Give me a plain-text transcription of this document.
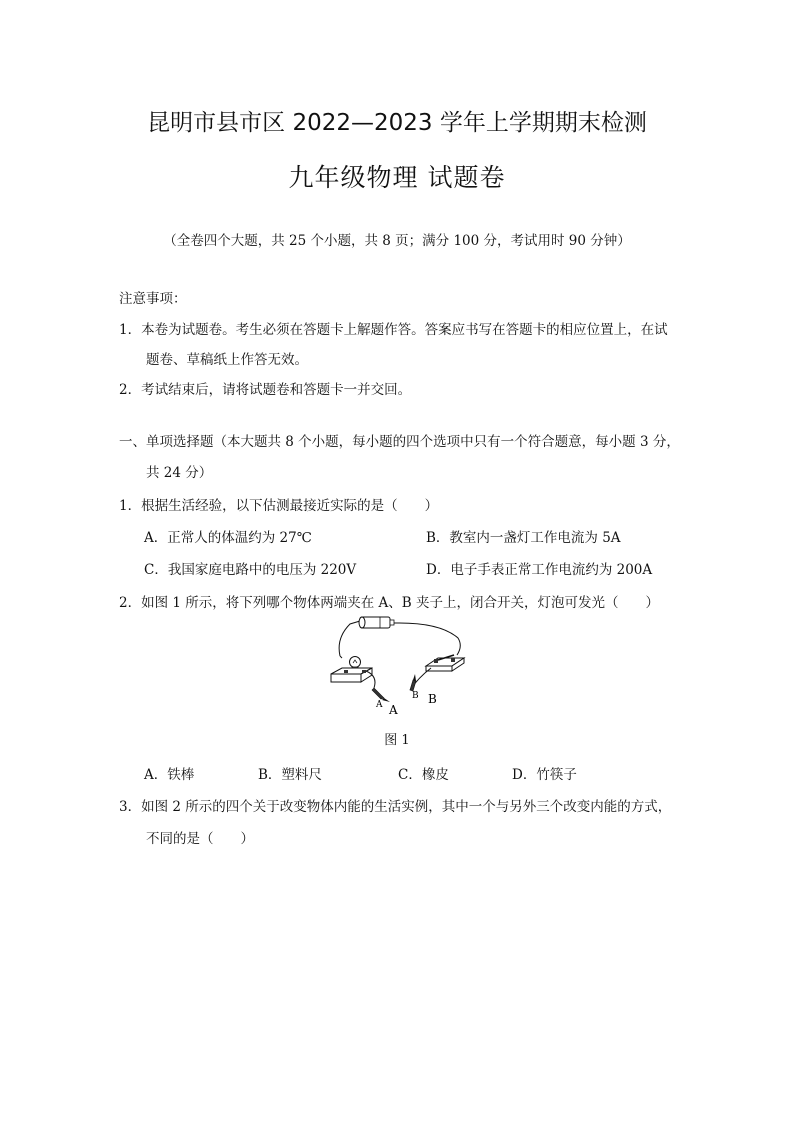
昆明市县市区 2022—2023 学年上学期期末检测
九年级物理 试题卷
（全卷四个大题，共 25 个小题，共 8 页；满分 100 分，考试用时 90 分钟）
注意事项：
1．本卷为试题卷。考生必须在答题卡上解题作答。答案应书写在答题卡的相应位置上，在试
题卷、草稿纸上作答无效。
2．考试结束后，请将试题卷和答题卡一并交回。
一、单项选择题（本大题共 8 个小题，每小题的四个选项中只有一个符合题意，每小题 3 分，
共 24 分）
1．根据生活经验，以下估测最接近实际的是（　　）
A．正常人的体温约为 27℃	B．教室内一盏灯工作电流为 5A
C．我国家庭电路中的电压为 220V	D．电子手表正常工作电流约为 200A
2．如图 1 所示，将下列哪个物体两端夹在 A、B 夹子上，闭合开关，灯泡可发光（　　）
A A
B B
图 1
A．铁棒	B．塑料尺	C．橡皮	D．竹筷子
3．如图 2 所示的四个关于改变物体内能的生活实例，其中一个与另外三个改变内能的方式，
不同的是（　　）
